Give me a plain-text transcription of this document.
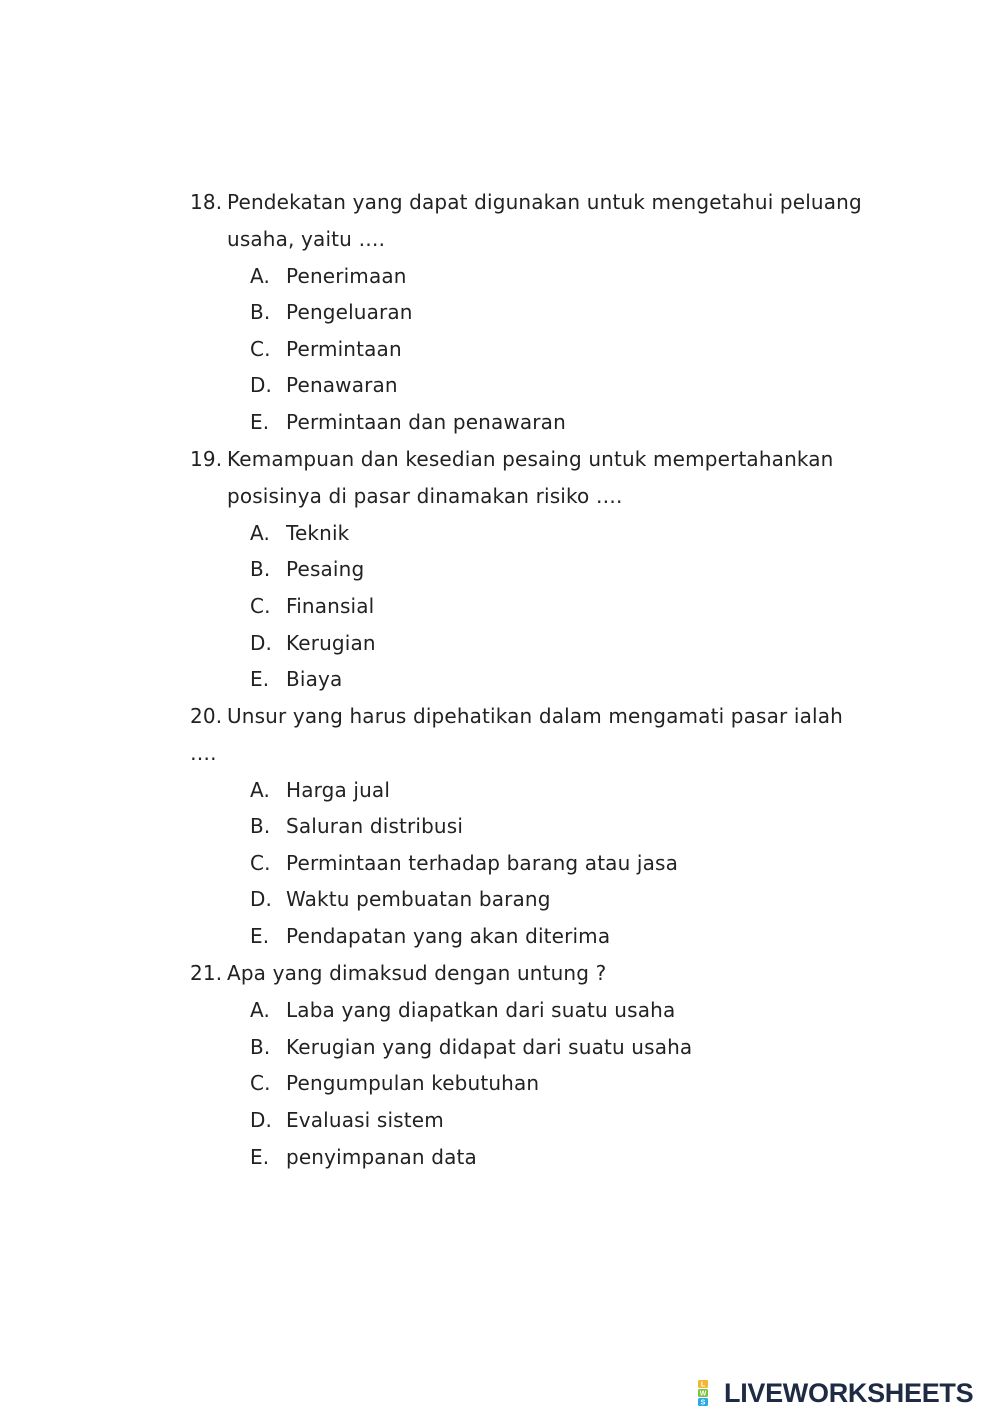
18. Pendekatan yang dapat digunakan untuk mengetahui peluang
usaha, yaitu ….
A. Penerimaan
B. Pengeluaran
C. Permintaan
D. Penawaran
E. Permintaan dan penawaran
19. Kemampuan dan kesedian pesaing untuk mempertahankan
posisinya di pasar dinamakan risiko ….
A. Teknik
B. Pesaing
C. Finansial
D. Kerugian
E. Biaya
20. Unsur yang harus dipehatikan dalam mengamati pasar ialah
….
A. Harga jual
B. Saluran distribusi
C. Permintaan terhadap barang atau jasa
D. Waktu pembuatan barang
E. Pendapatan yang akan diterima
21. Apa yang dimaksud dengan untung ?
A. Laba yang diapatkan dari suatu usaha
B. Kerugian yang didapat dari suatu usaha
C. Pengumpulan kebutuhan
D. Evaluasi sistem
E. penyimpanan data
L
W
S LIVEWORKSHEETS
